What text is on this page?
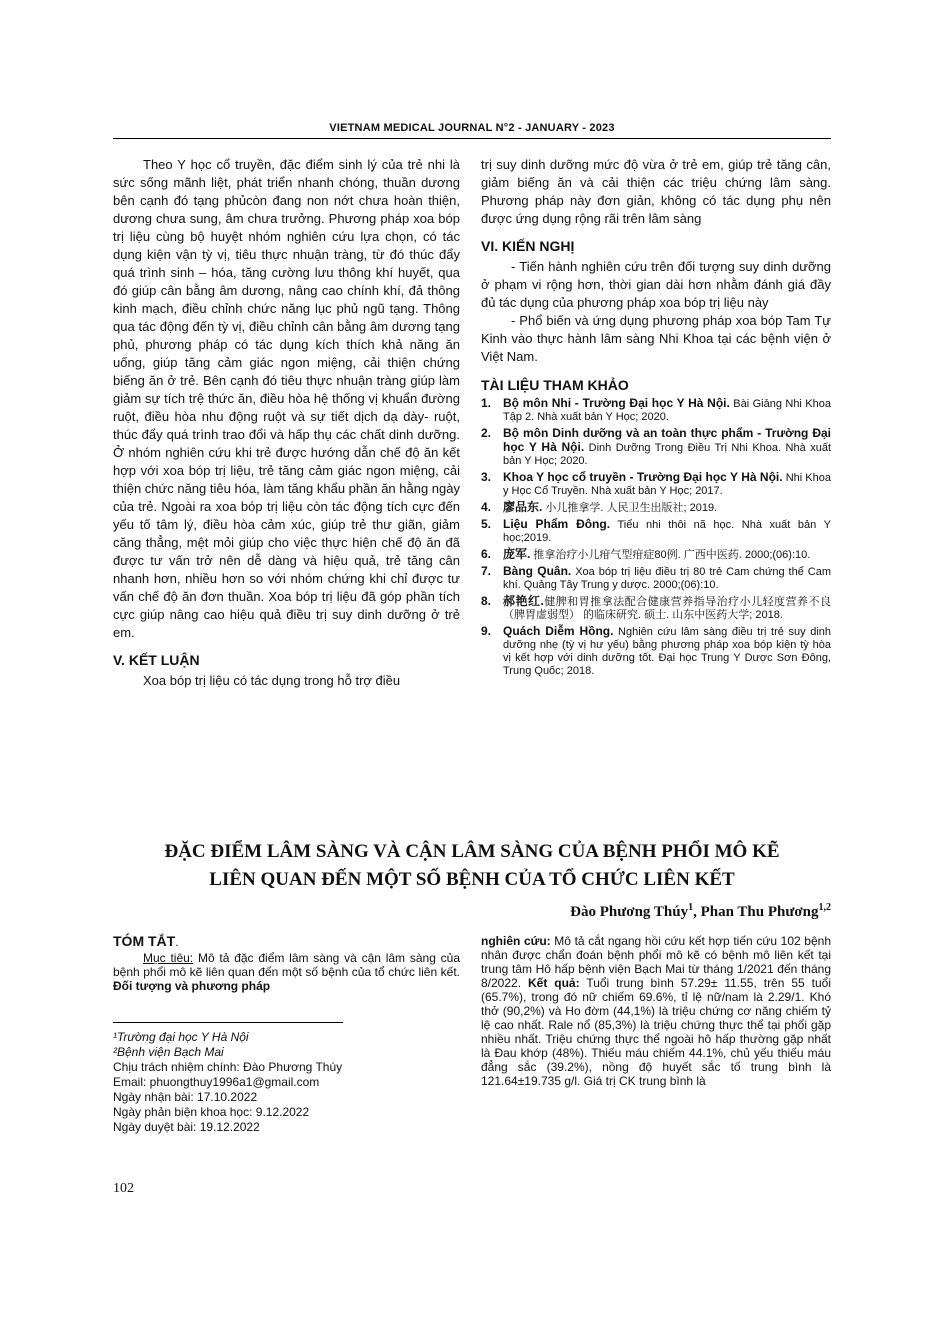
VIETNAM MEDICAL JOURNAL N°2 - JANUARY - 2023

Theo Y học cổ truyền, đặc điểm sinh lý của trẻ nhi là sức sống mãnh liệt, phát triển nhanh chóng, thuần dương bên cạnh đó tạng phủcòn đang non nớt chưa hoàn thiện, dương chưa sung, âm chưa trưởng. Phương pháp xoa bóp trị liệu cùng bộ huyệt nhóm nghiên cứu lựa chọn, có tác dụng kiện vận tỳ vị, tiêu thực nhuận tràng, từ đó thúc đẩy quá trình sinh – hóa, tăng cường lưu thông khí huyết, qua đó giúp cân bằng âm dương, nâng cao chính khí, đả thông kinh mạch, điều chỉnh chức năng lục phủ ngũ tạng. Thông qua tác động đến tỳ vị, điều chỉnh cân bằng âm dương tạng phủ, phương pháp có tác dụng kích thích khả năng ăn uống, giúp tăng cảm giác ngon miệng, cải thiện chứng biếng ăn ở trẻ. Bên cạnh đó tiêu thực nhuận tràng giúp làm giảm sự tích trệ thức ăn, điều hòa hệ thống vị khuẩn đường ruột, điều hòa nhu động ruột và sự tiết dịch dạ dày- ruột, thúc đẩy quá trình trao đổi và hấp thụ các chất dinh dưỡng. Ở nhóm nghiên cứu khi trẻ được hướng dẫn chế độ ăn kết hợp với xoa bóp trị liệu, trẻ tăng cảm giác ngon miệng, cải thiện chức năng tiêu hóa, làm tăng khẩu phần ăn hằng ngày của trẻ. Ngoài ra xoa bóp trị liệu còn tác động tích cực đến yếu tố tâm lý, điều hòa cảm xúc, giúp trẻ thư giãn, giảm căng thẳng, mệt mỏi giúp cho việc thực hiện chế độ ăn đã được tư vấn trở nên dễ dàng và hiệu quả, trẻ tăng cân nhanh hơn, nhiều hơn so với nhóm chứng khi chỉ được tư vấn chế độ ăn đơn thuần. Xoa bóp trị liệu đã góp phần tích cực giúp nâng cao hiệu quả điều trị suy dinh dưỡng ở trẻ em.

V. KẾT LUẬN

Xoa bóp trị liệu có tác dụng trong hỗ trợ điều

trị suy dinh dưỡng mức độ vừa ở trẻ em, giúp trẻ tăng cân, giảm biếng ăn và cải thiện các triệu chứng lâm sàng. Phương pháp này đơn giản, không có tác dụng phụ nên được ứng dụng rộng rãi trên lâm sàng

VI. KIẾN NGHỊ

- Tiến hành nghiên cứu trên đối tượng suy dinh dưỡng ở phạm vi rộng hơn, thời gian dài hơn nhằm đánh giá đầy đủ tác dụng của phương pháp xoa bóp trị liệu này

- Phổ biến và ứng dụng phương pháp xoa bóp Tam Tự Kinh vào thực hành lâm sàng Nhi Khoa tại các bệnh viện ở Việt Nam.

TÀI LIỆU THAM KHẢO

1. Bộ môn Nhi - Trường Đại học Y Hà Nội. Bài Giảng Nhi Khoa Tập 2. Nhà xuất bản Y Học; 2020.
2. Bộ môn Dinh dưỡng và an toàn thực phẩm - Trường Đại học Y Hà Nội. Dinh Dưỡng Trong Điều Trị Nhi Khoa. Nhà xuất bản Y Học; 2020.
3. Khoa Y học cổ truyền - Trường Đại học Y Hà Nội. Nhi Khoa y Học Cổ Truyền. Nhà xuất bản Y Học; 2017.
4. 廖品东. 小儿推拿学. 人民卫生出版社; 2019.
5. Liệu Phẩm Đông. Tiểu nhi thôi nã học. Nhà xuất bản Y học;2019.
6. 庞军. 推拿治疗小儿疳气型疳症80例. 广西中医药. 2000;(06):10.
7. Bàng Quân. Xoa bóp trị liệu điều trị 80 trẻ Cam chứng thể Cam khí. Quảng Tây Trung y dược. 2000;(06):10.
8. 郝艳红.健脾和胃推拿法配合健康营养指导治疗小儿轻度营养不良 （脾胃虚弱型） 的临床研究. 硕士. 山东中医药大学; 2018.
9. Quách Diễm Hồng. Nghiên cứu lâm sàng điều trị trẻ suy dinh dưỡng nhẹ (tỳ vị hư yếu) bằng phương pháp xoa bóp kiện tỳ hòa vị kết hợp với dinh dưỡng tốt. Đại học Trung Y Dược Sơn Đông, Trung Quốc; 2018.
ĐẶC ĐIỂM LÂM SÀNG VÀ CẬN LÂM SÀNG CỦA BỆNH PHỔI MÔ KẼ
LIÊN QUAN ĐẾN MỘT SỐ BỆNH CỦA TỔ CHỨC LIÊN KẾT
Đào Phương Thúy$^1$, Phan Thu Phương$^{1,2}$

TÓM TẮT.

Mục tiêu: Mô tả đặc điểm lâm sàng và cận lâm sàng của bệnh phổi mô kẽ liên quan đến một số bệnh của tổ chức liên kết. Đối tượng và phương pháp

¹Trường đại học Y Hà Nội
²Bệnh viện Bạch Mai
Chịu trách nhiệm chính: Đào Phương Thúy
Email: phuongthuy1996a1@gmail.com
Ngày nhận bài: 17.10.2022
Ngày phản biện khoa học: 9.12.2022
Ngày duyệt bài: 19.12.2022

nghiên cứu: Mô tả cắt ngang hồi cứu kết hợp tiến cứu 102 bệnh nhân được chẩn đoán bệnh phổi mô kẽ có bệnh mô liên kết tại trung tâm Hô hấp bệnh viện Bạch Mai từ tháng 1/2021 đến tháng 8/2022. Kết quả: Tuổi trung bình 57.29± 11.55, trên 55 tuổi (65.7%), trong đó nữ chiếm 69.6%, tỉ lệ nữ/nam là 2.29/1. Khó thở (90,2%) và Ho đờm (44,1%) là triệu chứng cơ năng chiếm tỷ lệ cao nhất. Rale nổ (85,3%) là triệu chứng thực thể tại phổi gặp nhiều nhất. Triệu chứng thực thể ngoài hô hấp thường gặp nhất là Đau khớp (48%). Thiếu máu chiếm 44.1%, chủ yếu thiếu máu đẳng sắc (39.2%), nồng độ huyết sắc tố trung bình là 121.64±19.735 g/l. Giá trị CK trung bình là

102
